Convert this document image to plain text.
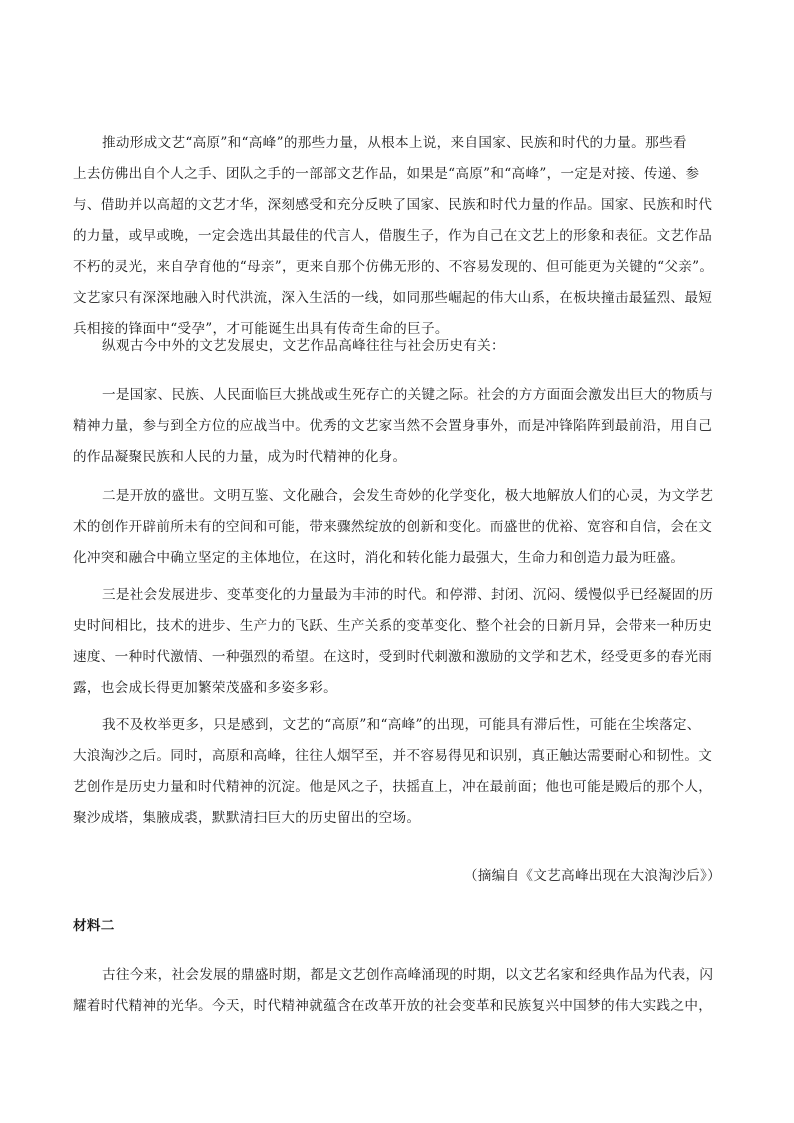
推动形成文艺“高原”和“高峰”的那些力量，从根本上说，来自国家、民族和时代的力量。那些看
上去仿佛出自个人之手、团队之手的一部部文艺作品，如果是“高原”和“高峰”，一定是对接、传递、参
与、借助并以高超的文艺才华，深刻感受和充分反映了国家、民族和时代力量的作品。国家、民族和时代
的力量，或早或晚，一定会选出其最佳的代言人，借腹生子，作为自己在文艺上的形象和表征。文艺作品
不朽的灵光，来自孕育他的“母亲”，更来自那个仿佛无形的、不容易发现的、但可能更为关键的“父亲”。
文艺家只有深深地融入时代洪流，深入生活的一线，如同那些崛起的伟大山系，在板块撞击最猛烈、最短
兵相接的锋面中“受孕”，才可能诞生出具有传奇生命的巨子。
纵观古今中外的文艺发展史，文艺作品高峰往往与社会历史有关：
一是国家、民族、人民面临巨大挑战或生死存亡的关键之际。社会的方方面面会激发出巨大的物质与
精神力量，参与到全方位的应战当中。优秀的文艺家当然不会置身事外，而是冲锋陷阵到最前沿，用自己
的作品凝聚民族和人民的力量，成为时代精神的化身。
二是开放的盛世。文明互鉴、文化融合，会发生奇妙的化学变化，极大地解放人们的心灵，为文学艺
术的创作开辟前所未有的空间和可能，带来骤然绽放的创新和变化。而盛世的优裕、宽容和自信，会在文
化冲突和融合中确立坚定的主体地位，在这时，消化和转化能力最强大，生命力和创造力最为旺盛。
三是社会发展进步、变革变化的力量最为丰沛的时代。和停滞、封闭、沉闷、缓慢似乎已经凝固的历
史时间相比，技术的进步、生产力的飞跃、生产关系的变革变化、整个社会的日新月异，会带来一种历史
速度、一种时代激情、一种强烈的希望。在这时，受到时代刺激和激励的文学和艺术，经受更多的春光雨
露，也会成长得更加繁荣茂盛和多姿多彩。
我不及枚举更多，只是感到，文艺的“高原”和“高峰”的出现，可能具有滞后性，可能在尘埃落定、
大浪淘沙之后。同时，高原和高峰，往往人烟罕至，并不容易得见和识别，真正触达需要耐心和韧性。文
艺创作是历史力量和时代精神的沉淀。他是风之子，扶摇直上，冲在最前面；他也可能是殿后的那个人，
聚沙成塔，集腋成裘，默默清扫巨大的历史留出的空场。
（摘编自《文艺高峰出现在大浪淘沙后》）
材料二
古往今来，社会发展的鼎盛时期，都是文艺创作高峰涌现的时期，以文艺名家和经典作品为代表，闪
耀着时代精神的光华。今天，时代精神就蕴含在改革开放的社会变革和民族复兴中国梦的伟大实践之中，
